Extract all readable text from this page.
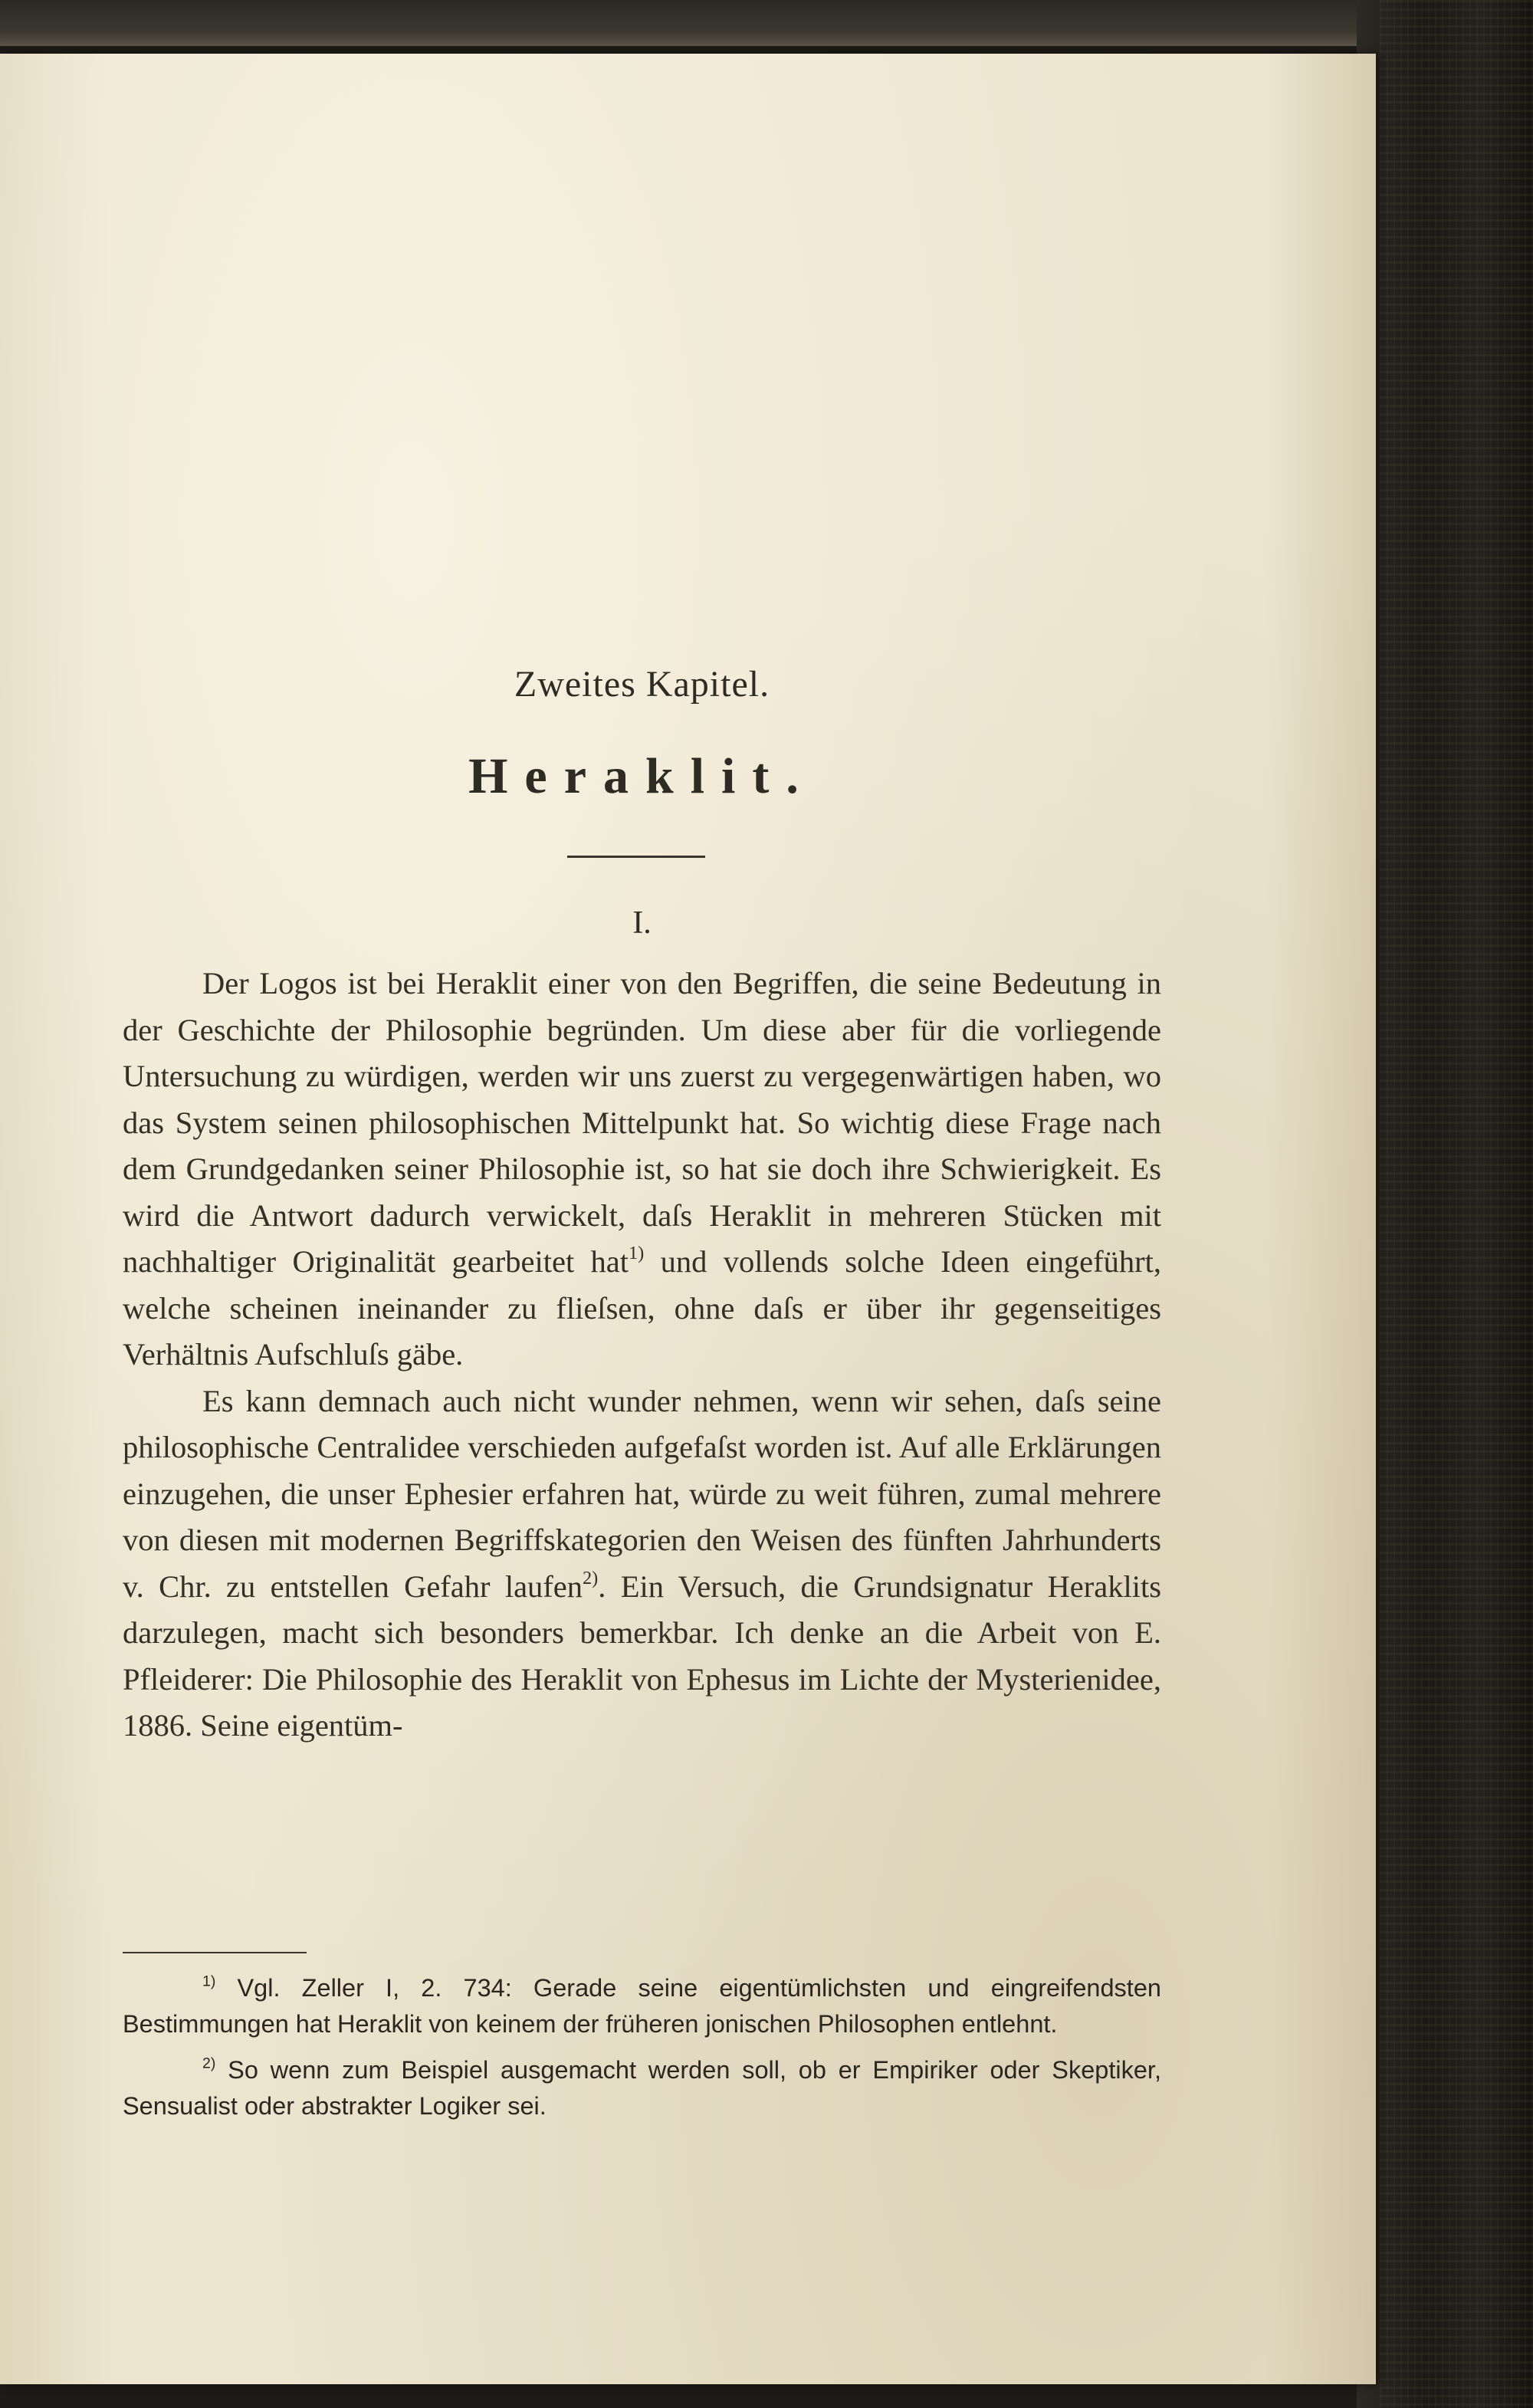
Zweites Kapitel.
Heraklit.
I.

Der Logos ist bei Heraklit einer von den Begriffen, die seine Bedeutung in der Geschichte der Philosophie begründen. Um diese aber für die vorliegende Untersuchung zu würdigen, werden wir uns zuerst zu vergegenwärtigen haben, wo das System seinen philosophischen Mittelpunkt hat. So wichtig diese Frage nach dem Grundgedanken seiner Philosophie ist, so hat sie doch ihre Schwierigkeit. Es wird die Antwort dadurch verwickelt, daſs Heraklit in mehreren Stücken mit nachhaltiger Originalität gearbeitet hat$^{1)}$ und vollends solche Ideen eingeführt, welche scheinen ineinander zu flieſsen, ohne daſs er über ihr gegenseitiges Verhältnis Aufschluſs gäbe.

Es kann demnach auch nicht wunder nehmen, wenn wir sehen, daſs seine philosophische Centralidee verschieden aufgefaſst worden ist. Auf alle Erklärungen einzugehen, die unser Ephesier erfahren hat, würde zu weit führen, zumal mehrere von diesen mit modernen Begriffskategorien den Weisen des fünften Jahrhunderts v. Chr. zu entstellen Gefahr laufen$^{2)}$. Ein Versuch, die Grundsignatur Heraklits darzulegen, macht sich besonders bemerkbar. Ich denke an die Arbeit von E. Pfleiderer: Die Philosophie des Heraklit von Ephesus im Lichte der Mysterienidee, 1886. Seine eigentüm-

$^{1)}$ Vgl. Zeller I, 2. 734: Gerade seine eigentümlichsten und eingreifendsten Bestimmungen hat Heraklit von keinem der früheren jonischen Philosophen entlehnt.

$^{2)}$ So wenn zum Beispiel ausgemacht werden soll, ob er Empiriker oder Skeptiker, Sensualist oder abstrakter Logiker sei.
